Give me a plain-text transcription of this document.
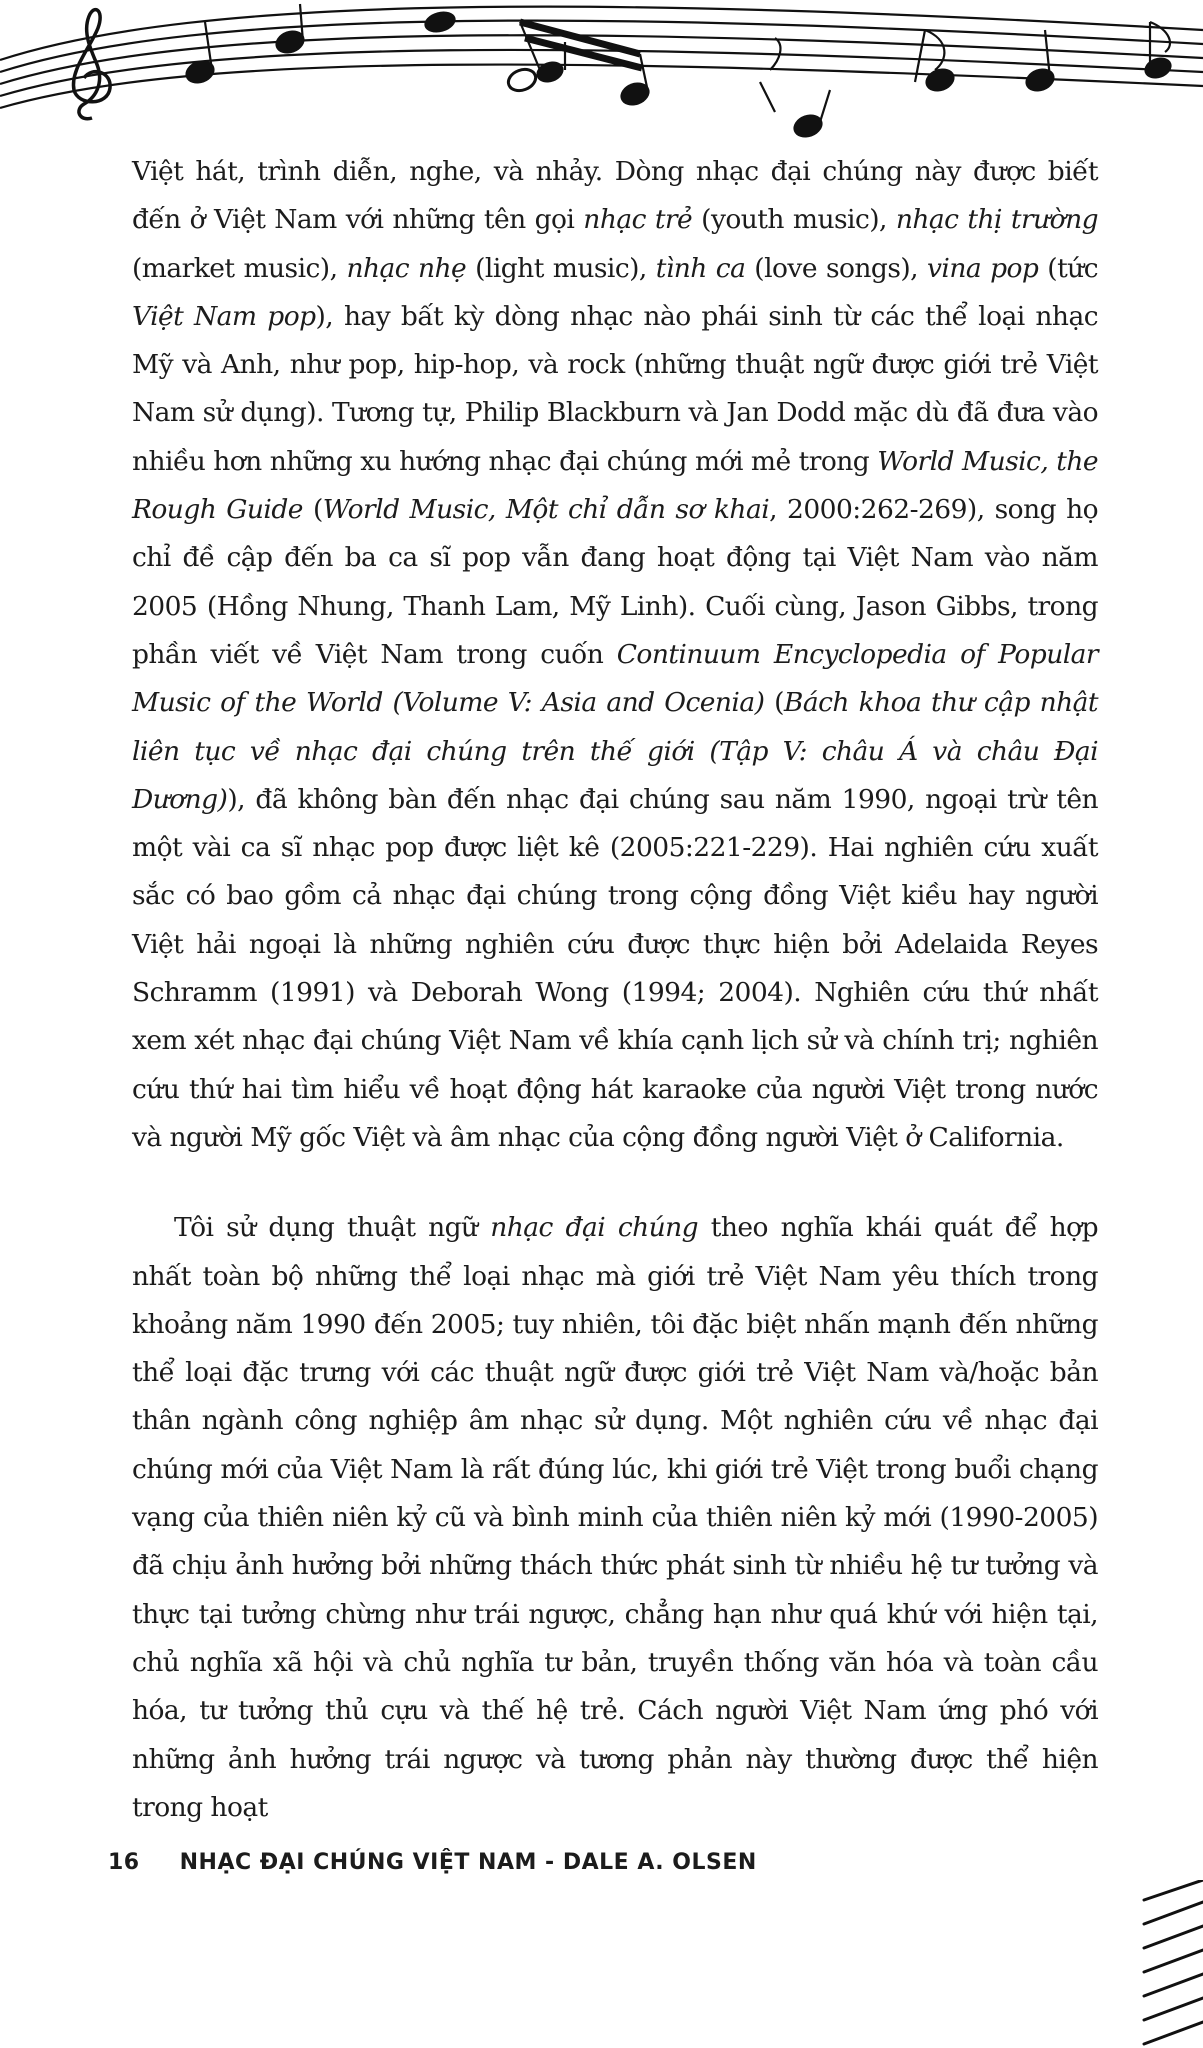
Việt hát, trình diễn, nghe, và nhảy. Dòng nhạc đại chúng này được biết đến ở Việt Nam với những tên gọi nhạc trẻ (youth music), nhạc thị trường (market music), nhạc nhẹ (light music), tình ca (love songs), vina pop (tức Việt Nam pop), hay bất kỳ dòng nhạc nào phái sinh từ các thể loại nhạc Mỹ và Anh, như pop, hip-hop, và rock (những thuật ngữ được giới trẻ Việt Nam sử dụng). Tương tự, Philip Blackburn và Jan Dodd mặc dù đã đưa vào nhiều hơn những xu hướng nhạc đại chúng mới mẻ trong World Music, the Rough Guide (World Music, Một chỉ dẫn sơ khai, 2000:262-269), song họ chỉ đề cập đến ba ca sĩ pop vẫn đang hoạt động tại Việt Nam vào năm 2005 (Hồng Nhung, Thanh Lam, Mỹ Linh). Cuối cùng, Jason Gibbs, trong phần viết về Việt Nam trong cuốn Continuum Encyclopedia of Popular Music of the World (Volume V: Asia and Ocenia) (Bách khoa thư cập nhật liên tục về nhạc đại chúng trên thế giới (Tập V: châu Á và châu Đại Dương)), đã không bàn đến nhạc đại chúng sau năm 1990, ngoại trừ tên một vài ca sĩ nhạc pop được liệt kê (2005:221-229). Hai nghiên cứu xuất sắc có bao gồm cả nhạc đại chúng trong cộng đồng Việt kiều hay người Việt hải ngoại là những nghiên cứu được thực hiện bởi Adelaida Reyes Schramm (1991) và Deborah Wong (1994; 2004). Nghiên cứu thứ nhất xem xét nhạc đại chúng Việt Nam về khía cạnh lịch sử và chính trị; nghiên cứu thứ hai tìm hiểu về hoạt động hát karaoke của người Việt trong nước và người Mỹ gốc Việt và âm nhạc của cộng đồng người Việt ở California.

Tôi sử dụng thuật ngữ nhạc đại chúng theo nghĩa khái quát để hợp nhất toàn bộ những thể loại nhạc mà giới trẻ Việt Nam yêu thích trong khoảng năm 1990 đến 2005; tuy nhiên, tôi đặc biệt nhấn mạnh đến những thể loại đặc trưng với các thuật ngữ được giới trẻ Việt Nam và/hoặc bản thân ngành công nghiệp âm nhạc sử dụng. Một nghiên cứu về nhạc đại chúng mới của Việt Nam là rất đúng lúc, khi giới trẻ Việt trong buổi chạng vạng của thiên niên kỷ cũ và bình minh của thiên niên kỷ mới (1990-2005) đã chịu ảnh hưởng bởi những thách thức phát sinh từ nhiều hệ tư tưởng và thực tại tưởng chừng như trái ngược, chẳng hạn như quá khứ với hiện tại, chủ nghĩa xã hội và chủ nghĩa tư bản, truyền thống văn hóa và toàn cầu hóa, tư tưởng thủ cựu và thế hệ trẻ. Cách người Việt Nam ứng phó với những ảnh hưởng trái ngược và tương phản này thường được thể hiện trong hoạt

16 NHẠC ĐẠI CHÚNG VIỆT NAM - DALE A. OLSEN
